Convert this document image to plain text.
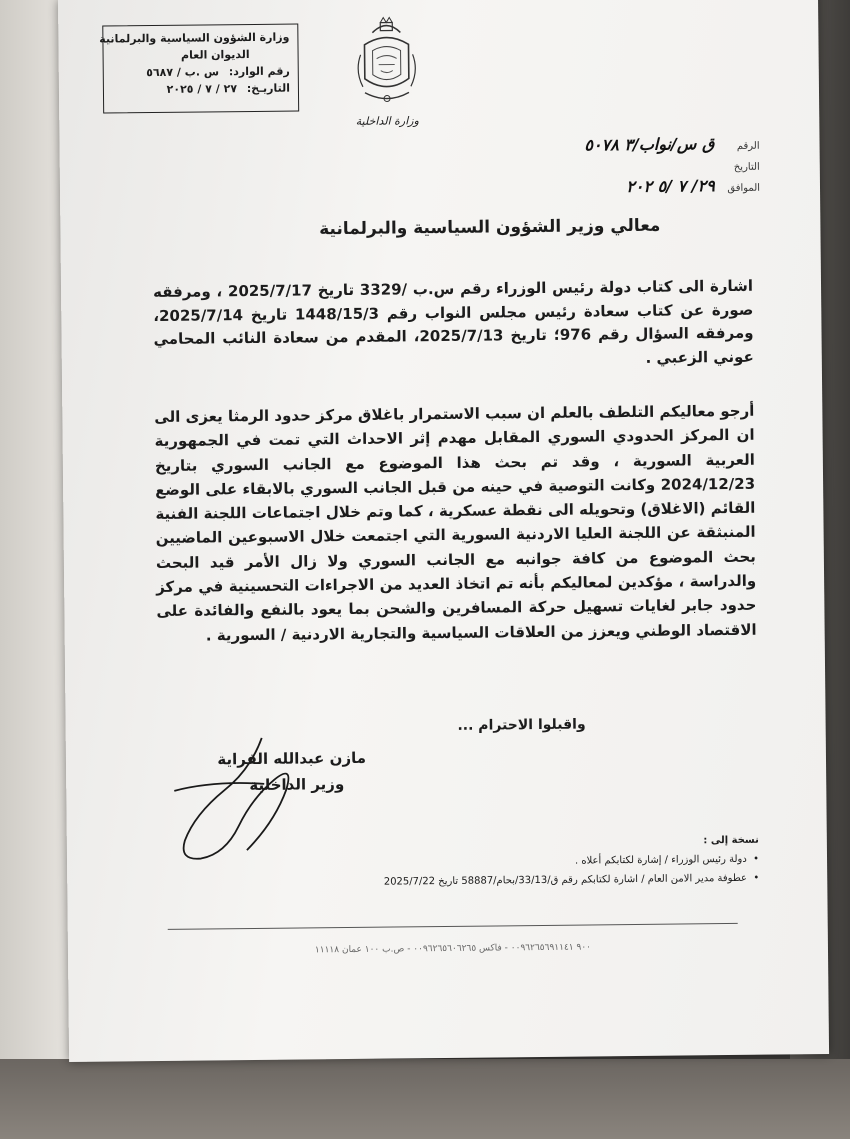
وزارة الشؤون السياسية والبرلمانية
الديوان العام
رقم الوارد: س .ب / ٥٦٨٧
التاريـخ: ٢٧ / ٧ / ٢٠٢٥
وزارة الداخلية
الرقم ق س/نواب/٣ ٥٠٧٨
التاريخ
الموافق ٢٩/ ٧ /٥ ٢٠٢
معالي وزير الشؤون السياسية والبرلمانية
اشارة الى كتاب دولة رئيس الوزراء رقم س.ب /3329 تاريخ 2025/7/17 ، ومرفقه صورة عن كتاب سعادة رئيس مجلس النواب رقم 1448/15/3 تاريخ 2025/7/14، ومرفقه السؤال رقم 976؛ تاريخ 2025/7/13، المقدم من سعادة النائب المحامي عوني الزعبي .
أرجو معاليكم التلطف بالعلم ان سبب الاستمرار باغلاق مركز حدود الرمثا يعزى الى ان المركز الحدودي السوري المقابل مهدم إثر الاحداث التي تمت في الجمهورية العربية السورية ، وقد تم بحث هذا الموضوع مع الجانب السوري بتاريخ 2024/12/23 وكانت التوصية في حينه من قبل الجانب السوري بالابقاء على الوضع القائم (الاغلاق) وتحويله الى نقطة عسكرية ، كما وتم خلال اجتماعات اللجنة الفنية المنبثقة عن اللجنة العليا الاردنية السورية التي اجتمعت خلال الاسبوعين الماضيين بحث الموضوع من كافة جوانبه مع الجانب السوري ولا زال الأمر قيد البحث والدراسة ، مؤكدين لمعاليكم بأنه تم اتخاذ العديد من الاجراءات التحسينية في مركز حدود جابر لغايات تسهيل حركة المسافرين والشحن بما يعود بالنفع والفائدة على الاقتصاد الوطني ويعزز من العلاقات السياسية والتجارية الاردنية / السورية .
واقبلوا الاحترام ...
مازن عبدالله الفراية
وزير الداخلية
نسخة إلى :
•  دولة رئيس الوزراء / إشارة لكتابكم أعلاه .
•  عطوفة مدير الامن العام / اشارة لكتابكم رقم ق/33/13/بحام/58887 تاريخ 2025/7/22
٩٠٠ ٠٠٩٦٢٦٥٦٩١١٤١ - فاكس ٠٠٩٦٢٦٥٦٠٦٢٦٥ - ص.ب ١٠٠ عمان ١١١١٨
